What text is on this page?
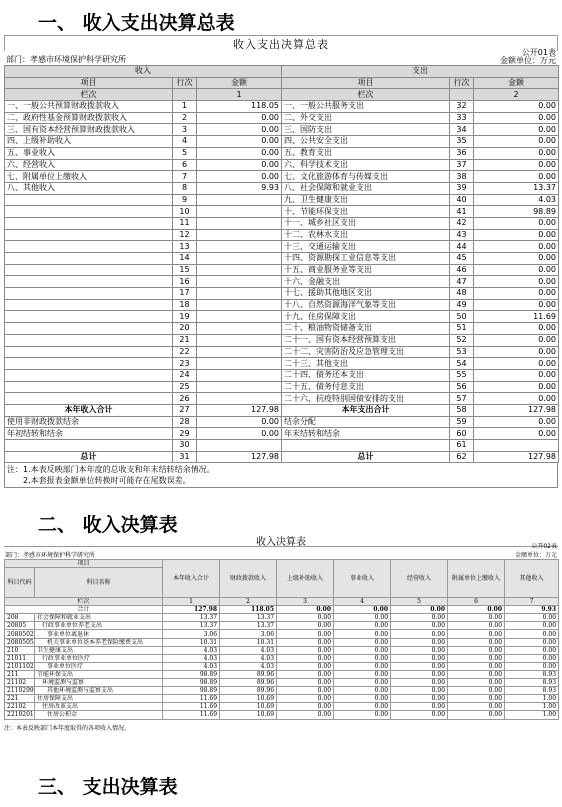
一、 收入支出决算总表
收入支出决算总表
部门：孝感市环境保护科学研究所
公开01表
金额单位：万元
收入			支出		
项目	行次	金额	项目	行次	金额
栏次		1	栏次		2
一、一般公共预算财政拨款收入	1	118.05	一、一般公共服务支出	32	0.00
二、政府性基金预算财政拨款收入	2	0.00	二、外交支出	33	0.00
三、国有资本经营预算财政拨款收入	3	0.00	三、国防支出	34	0.00
四、上级补助收入	4	0.00	四、公共安全支出	35	0.00
五、事业收入	5	0.00	五、教育支出	36	0.00
六、经营收入	6	0.00	六、科学技术支出	37	0.00
七、附属单位上缴收入	7	0.00	七、文化旅游体育与传媒支出	38	0.00
八、其他收入	8	9.93	八、社会保障和就业支出	39	13.37
	9		九、卫生健康支出	40	4.03
	10		十、节能环保支出	41	98.89
	11		十一、城乡社区支出	42	0.00
	12		十二、农林水支出	43	0.00
	13		十三、交通运输支出	44	0.00
	14		十四、资源勘探工业信息等支出	45	0.00
	15		十五、商业服务业等支出	46	0.00
	16		十六、金融支出	47	0.00
	17		十七、援助其他地区支出	48	0.00
	18		十八、自然资源海洋气象等支出	49	0.00
	19		十九、住房保障支出	50	11.69
	20		二十、粮油物资储备支出	51	0.00
	21		二十一、国有资本经营预算支出	52	0.00
	22		二十二、灾害防治及应急管理支出	53	0.00
	23		二十三、其他支出	54	0.00
	24		二十四、债务还本支出	55	0.00
	25		二十五、债务付息支出	56	0.00
	26		二十六、抗疫特别国债安排的支出	57	0.00
本年收入合计	27	127.98	本年支出合计	58	127.98
使用非财政拨款结余	28	0.00	结余分配	59	0.00
年初结转和结余	29	0.00	年末结转和结余	60	0.00
	30			61	
总计	31	127.98	总计	62	127.98
注：1.本表反映部门本年度的总收支和年末结转结余情况。
　　2.本套报表金额单位转换时可能存在尾数误差。
二、 收入决算表
收入决算表
部门：孝感市环境保护科学研究所
公开02表
金额单位：万元
项目		本年收入合计	财政拨款收入	上级补助收入	事业收入	经营收入	附属单位上缴收入	其他收入
科目代码	科目名称							
栏次		1	2	3	4	5	6	7
合计		127.98	118.05	0.00	0.00	0.00	0.00	9.93
208	社会保障和就业支出	13.37	13.37	0.00	0.00	0.00	0.00	0.00
20805	行政事业单位养老支出	13.37	13.37	0.00	0.00	0.00	0.00	0.00
2080502	事业单位离退休	3.06	3.06	0.00	0.00	0.00	0.00	0.00
2080505	机关事业单位基本养老保险缴费支出	10.31	10.31	0.00	0.00	0.00	0.00	0.00
210	卫生健康支出	4.03	4.03	0.00	0.00	0.00	0.00	0.00
21011	行政事业单位医疗	4.03	4.03	0.00	0.00	0.00	0.00	0.00
2101102	事业单位医疗	4.03	4.03	0.00	0.00	0.00	0.00	0.00
211	节能环保支出	98.89	89.96	0.00	0.00	0.00	0.00	8.93
21102	环境监测与监察	98.89	89.96	0.00	0.00	0.00	0.00	8.93
2110299	其他环境监测与监察支出	98.89	89.96	0.00	0.00	0.00	0.00	8.93
221	住房保障支出	11.69	10.69	0.00	0.00	0.00	0.00	1.00
22102	住房改革支出	11.69	10.69	0.00	0.00	0.00	0.00	1.00
2210201	住房公积金	11.69	10.69	0.00	0.00	0.00	0.00	1.00
注：本表反映部门本年度取得的各项收入情况。
三、 支出决算表
